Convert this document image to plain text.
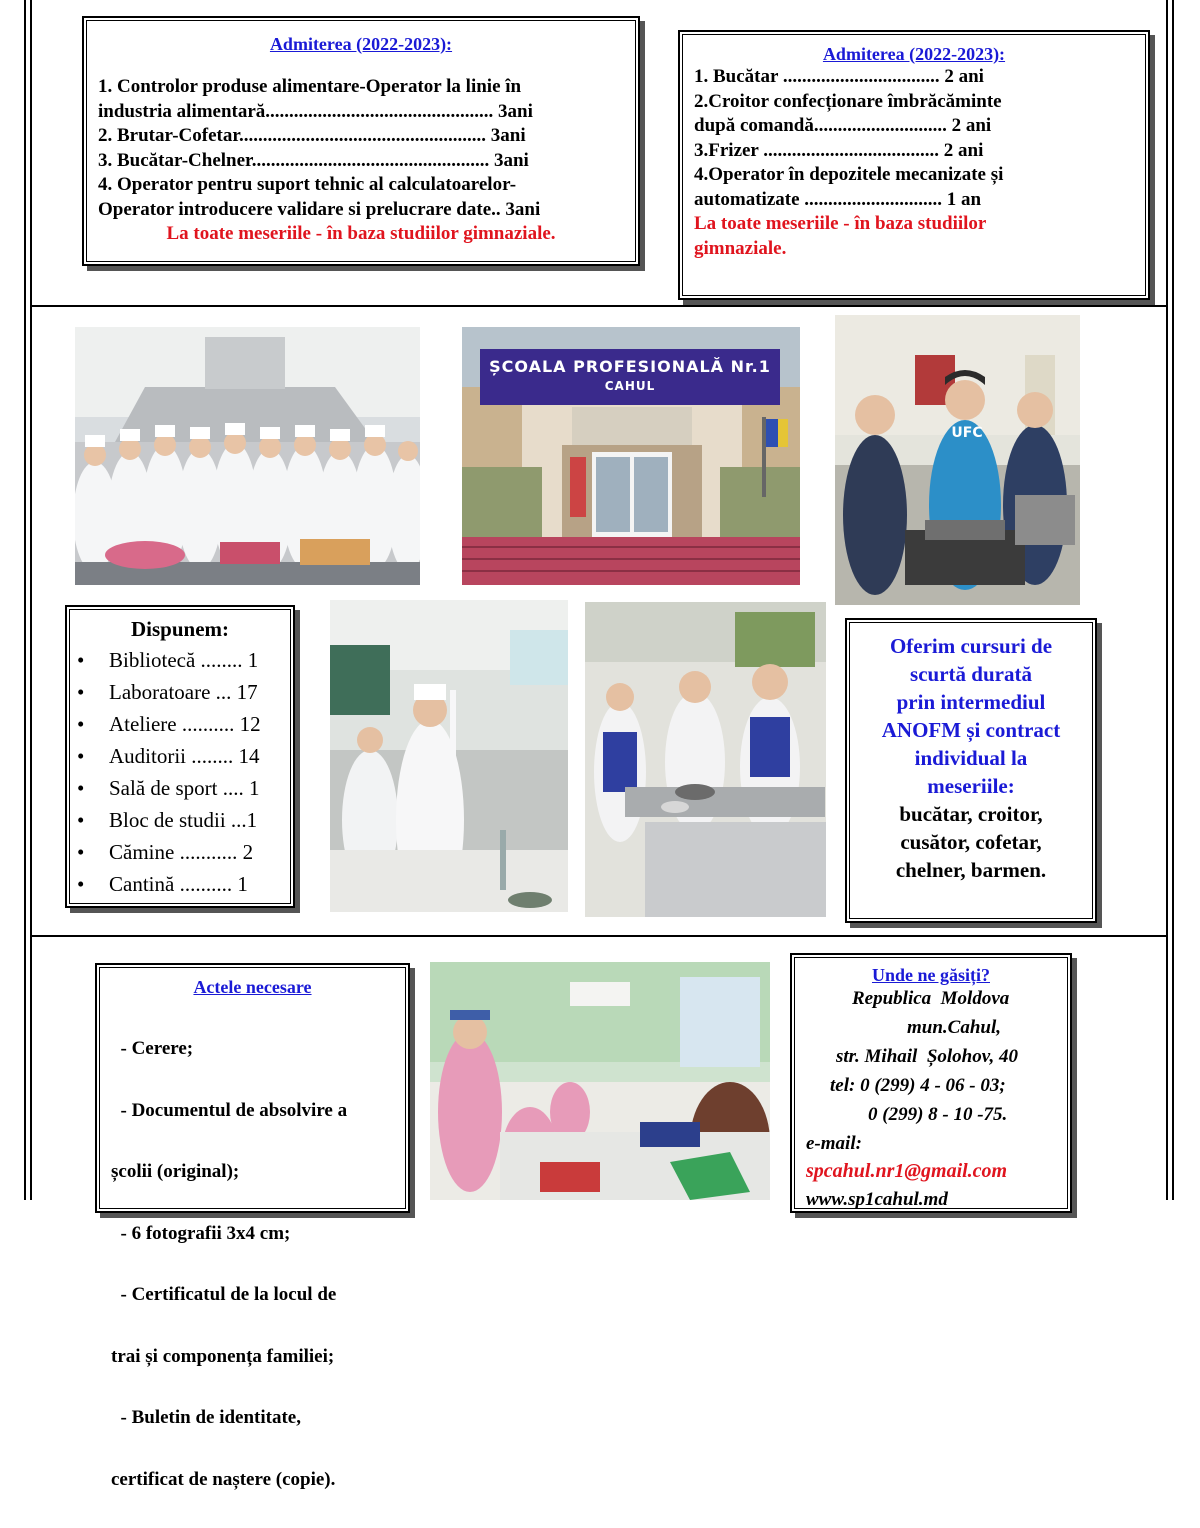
Admiterea (2022-2023):
1. Controlor produse alimentare-Operator la linie în
industria alimentară................................................ 3ani
2. Brutar-Cofetar.................................................... 3ani
3. Bucătar-Chelner.................................................. 3ani
4. Operator pentru suport tehnic al calculatoarelor-
Operator introducere validare si prelucrare date.. 3ani
La toate meseriile - în baza studiilor gimnaziale.
Admiterea (2022-2023):
1. Bucătar ................................. 2 ani
2.Croitor confecționare îmbrăcăminte
după comandă............................ 2 ani
3.Frizer ..................................... 2 ani
4.Operator în depozitele mecanizate și
automatizate ............................. 1 an
La toate meseriile - în baza studiilor
gimnaziale.
ȘCOALA PROFESIONALĂ Nr.1
CAHUL
UFC
Dispunem:
• Bibliotecă ........ 1
• Laboratoare ... 17
• Ateliere .......... 12
• Auditorii ........ 14
• Sală de sport .... 1
• Bloc de studii ...1
• Cămine ........... 2
• Cantină .......... 1
Oferim cursuri de
scurtă durată
prin intermediul
ANOFM și contract
individual la
meseriile:
bucătar, croitor,
cusător, cofetar,
chelner, barmen.
Actele necesare

- Cerere;

- Documentul de absolvire a

școlii (original);

- 6 fotografii 3x4 cm;

- Certificatul de la locul de

trai și componența familiei;

- Buletin de identitate,

certificat de naștere (copie).

Unde ne găsiți?
Republica  Moldova
mun.Cahul,
str. Mihail  Șolohov, 40
tel: 0 (299) 4 - 06 - 03;
0 (299) 8 - 10 -75.
e-mail:
spcahul.nr1@gmail.com
www.sp1cahul.md
